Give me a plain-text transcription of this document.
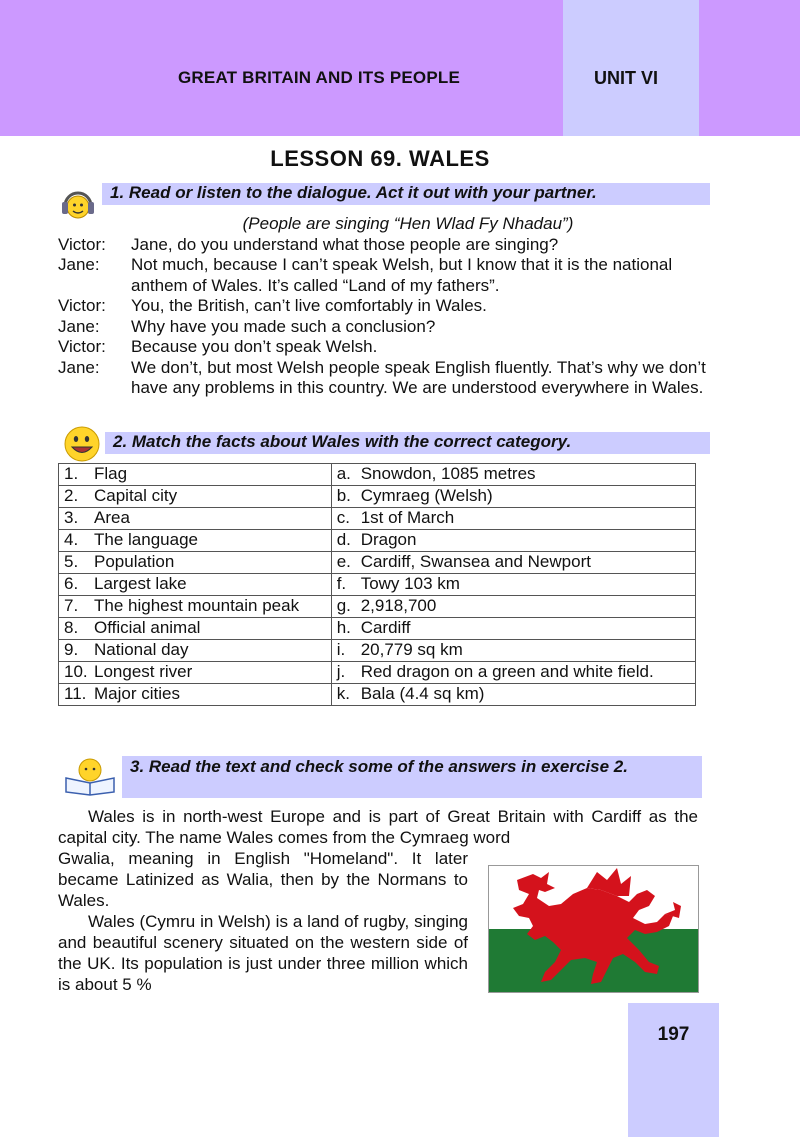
GREAT BRITAIN AND ITS PEOPLE	UNIT VI
LESSON 69. WALES
1. Read or listen to the dialogue. Act it out with your partner.
(People are singing “Hen Wlad Fy Nhadau”)
Victor:	Jane, do you understand what those people are singing?
Jane:	Not much, because I can’t speak Welsh, but I know that it is the national anthem of Wales. It’s called “Land of my fathers”.
Victor:	You, the British, can’t live comfortably in Wales.
Jane:	Why have you made such a conclusion?
Victor:	Because you don’t speak Welsh.
Jane:	We don’t, but most Welsh people speak English fluently. That’s why we don’t have any problems in this country. We are understood everywhere in Wales.
2. Match the facts about Wales with the correct category.
1. Flag	a. Snowdon, 1085 metres

2. Capital city	b. Cymraeg (Welsh)

3. Area	c. 1st of March

4. The language	d. Dragon

5. Population	e. Cardiff, Swansea and Newport

6. Largest lake	f. Towy 103 km

7. The highest mountain peak	g. 2,918,700

8. Official animal	h. Cardiff

9. National day	i. 20,779 sq km

10. Longest river	j. Red dragon on a green and white field.

11. Major cities	k. Bala (4.4 sq km)
3. Read the text and check some of the answers in exercise 2.
Wales is in north-west Europe and is part of Great Britain with Cardiff as the capital city. The name Wales comes from the Cymraeg word
Gwalia, meaning in English "Homeland". It later became Latinized as Walia, then by the Normans to Wales.
Wales (Cymru in Welsh) is a land of rugby, singing and beautiful scenery situated on the western side of the UK. Its population is just under three million which is about 5 %
197
